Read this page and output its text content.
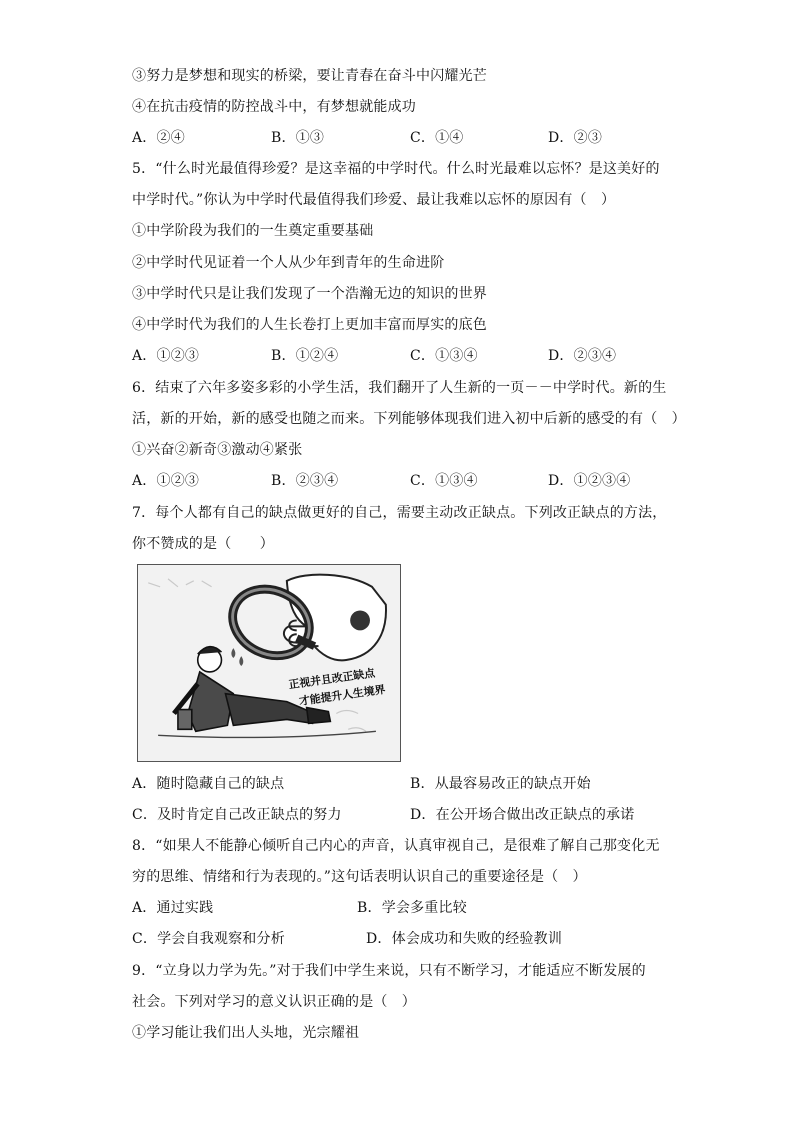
③努力是梦想和现实的桥梁，要让青春在奋斗中闪耀光芒
④在抗击疫情的防控战斗中，有梦想就能成功
A．②④	B．①③	C．①④	D．②③
5．“什么时光最值得珍爱？是这幸福的中学时代。什么时光最难以忘怀？是这美好的
中学时代。”你认为中学时代最值得我们珍爱、最让我难以忘怀的原因有（　）
①中学阶段为我们的一生奠定重要基础
②中学时代见证着一个人从少年到青年的生命进阶
③中学时代只是让我们发现了一个浩瀚无边的知识的世界
④中学时代为我们的人生长卷打上更加丰富而厚实的底色
A．①②③	B．①②④	C．①③④	D．②③④
6．结束了六年多姿多彩的小学生活，我们翻开了人生新的一页－－中学时代。新的生
活，新的开始，新的感受也随之而来。下列能够体现我们进入初中后新的感受的有（　）
①兴奋②新奇③激动④紧张
A．①②③	B．②③④	C．①③④	D．①②③④
7．每个人都有自己的缺点做更好的自己，需要主动改正缺点。下列改正缺点的方法，
你不赞成的是（　　）
正视并且改正缺点
才能提升人生境界
A．随时隐藏自己的缺点	B．从最容易改正的缺点开始
C．及时肯定自己改正缺点的努力	D．在公开场合做出改正缺点的承诺
8．“如果人不能静心倾听自己内心的声音，认真审视自己，是很难了解自己那变化无
穷的思维、情绪和行为表现的。”这句话表明认识自己的重要途径是（　）
A．通过实践	B．学会多重比较
C．学会自我观察和分析	D．体会成功和失败的经验教训
9．“立身以力学为先。”对于我们中学生来说，只有不断学习，才能适应不断发展的
社会。下列对学习的意义认识正确的是（　）
①学习能让我们出人头地，光宗耀祖
